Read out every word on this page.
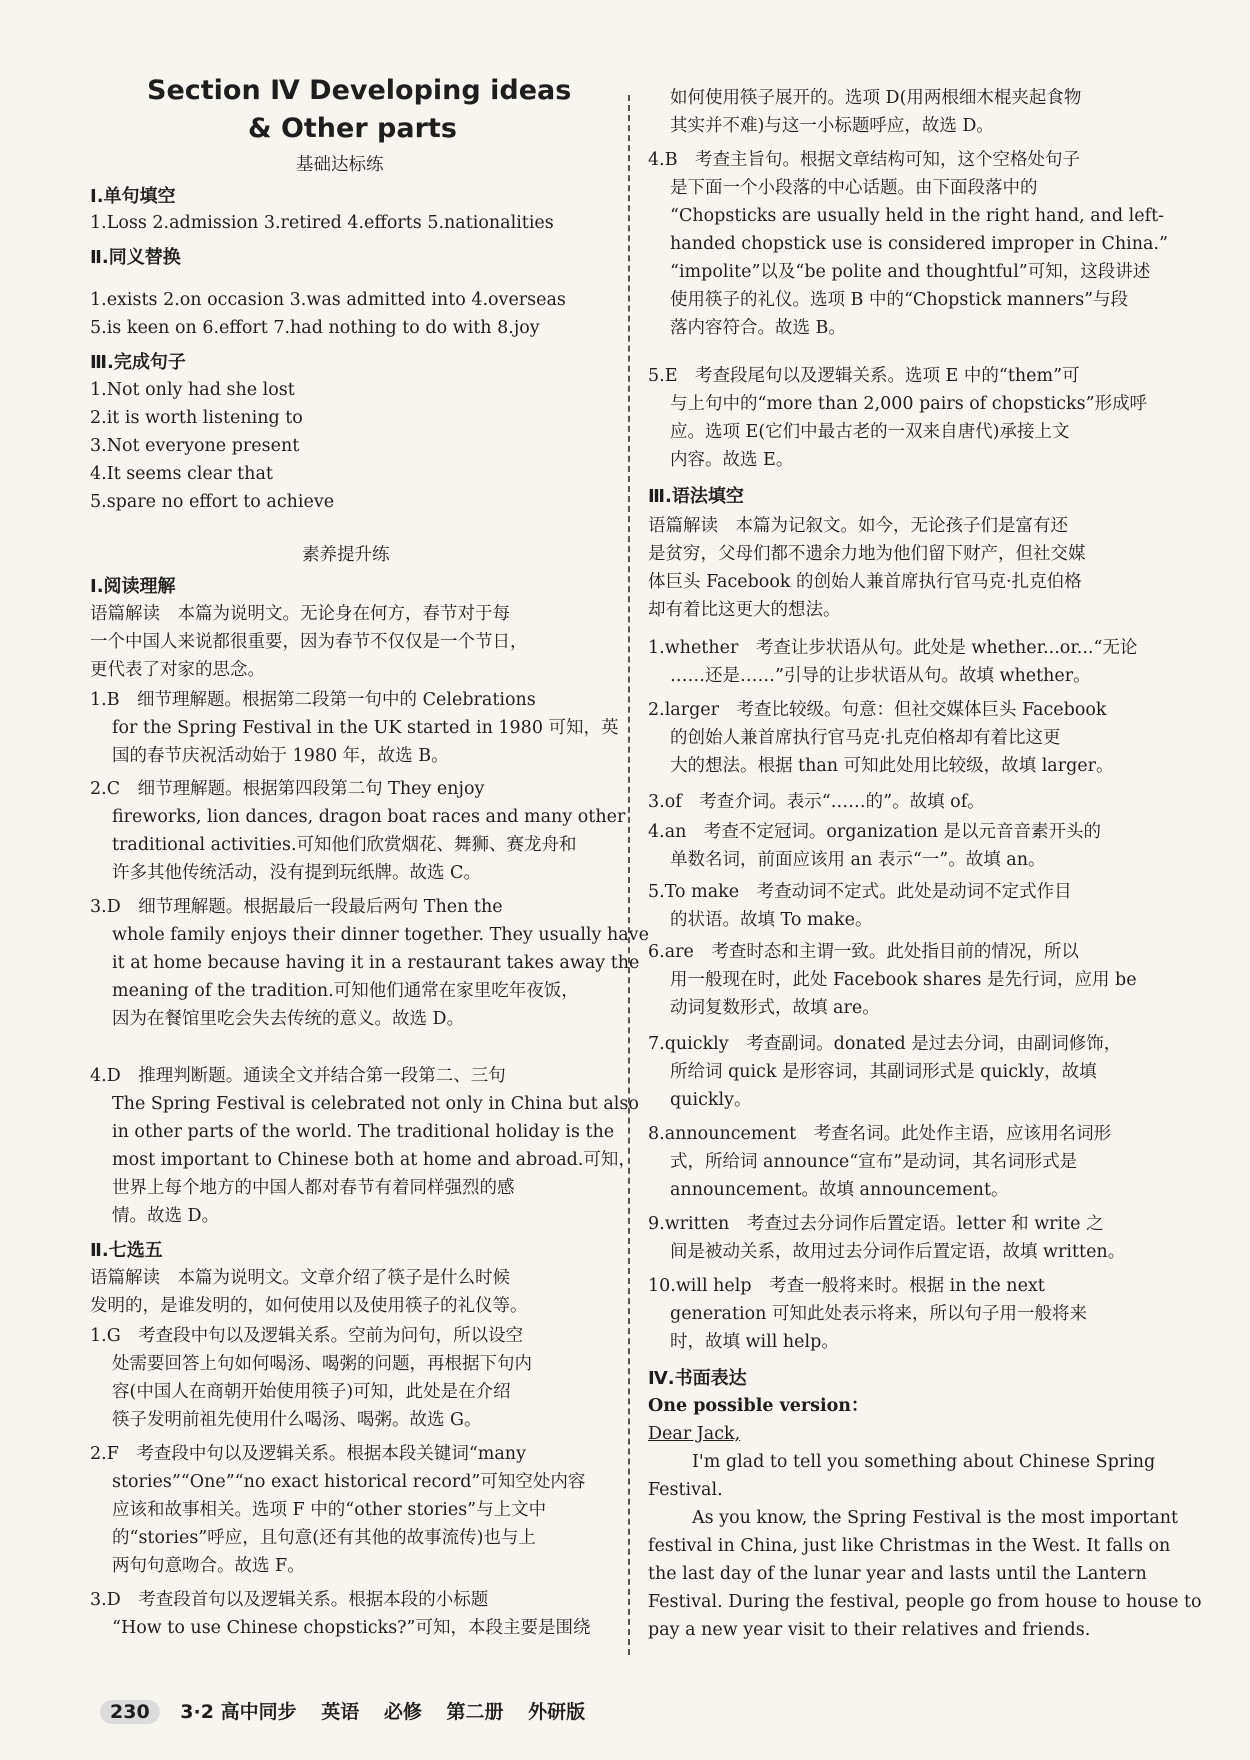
Section Ⅳ Developing ideas
& Other parts
基础达标练
Ⅰ.单句填空
1.Loss 2.admission 3.retired 4.efforts 5.nationalities
Ⅱ.同义替换
1.exists 2.on occasion 3.was admitted into 4.overseas
5.is keen on 6.effort 7.had nothing to do with 8.joy
Ⅲ.完成句子
1.Not only had she lost
2.it is worth listening to
3.Not everyone present
4.It seems clear that
5.spare no effort to achieve
素养提升练
Ⅰ.阅读理解
语篇解读　本篇为说明文。无论身在何方，春节对于每
一个中国人来说都很重要，因为春节不仅仅是一个节日，
更代表了对家的思念。
1.B　细节理解题。根据第二段第一句中的 Celebrations
for the Spring Festival in the UK started in 1980 可知，英
国的春节庆祝活动始于 1980 年，故选 B。
2.C　细节理解题。根据第四段第二句 They enjoy
fireworks, lion dances, dragon boat races and many other
traditional activities.可知他们欣赏烟花、舞狮、赛龙舟和
许多其他传统活动，没有提到玩纸牌。故选 C。
3.D　细节理解题。根据最后一段最后两句 Then the
whole family enjoys their dinner together. They usually have
it at home because having it in a restaurant takes away the
meaning of the tradition.可知他们通常在家里吃年夜饭，
因为在餐馆里吃会失去传统的意义。故选 D。
4.D　推理判断题。通读全文并结合第一段第二、三句
The Spring Festival is celebrated not only in China but also
in other parts of the world. The traditional holiday is the
most important to Chinese both at home and abroad.可知，
世界上每个地方的中国人都对春节有着同样强烈的感
情。故选 D。
Ⅱ.七选五
语篇解读　本篇为说明文。文章介绍了筷子是什么时候
发明的，是谁发明的，如何使用以及使用筷子的礼仪等。
1.G　考查段中句以及逻辑关系。空前为问句，所以设空
处需要回答上句如何喝汤、喝粥的问题，再根据下句内
容(中国人在商朝开始使用筷子)可知，此处是在介绍
筷子发明前祖先使用什么喝汤、喝粥。故选 G。
2.F　考查段中句以及逻辑关系。根据本段关键词“many
stories”“One”“no exact historical record”可知空处内容
应该和故事相关。选项 F 中的“other stories”与上文中
的“stories”呼应，且句意(还有其他的故事流传)也与上
两句句意吻合。故选 F。
3.D　考查段首句以及逻辑关系。根据本段的小标题
“How to use Chinese chopsticks?”可知，本段主要是围绕
如何使用筷子展开的。选项 D(用两根细木棍夹起食物
其实并不难)与这一小标题呼应，故选 D。
4.B　考查主旨句。根据文章结构可知，这个空格处句子
是下面一个小段落的中心话题。由下面段落中的
“Chopsticks are usually held in the right hand, and left-
handed chopstick use is considered improper in China.”
“impolite”以及“be polite and thoughtful”可知，这段讲述
使用筷子的礼仪。选项 B 中的“Chopstick manners”与段
落内容符合。故选 B。
5.E　考查段尾句以及逻辑关系。选项 E 中的“them”可
与上句中的“more than 2,000 pairs of chopsticks”形成呼
应。选项 E(它们中最古老的一双来自唐代)承接上文
内容。故选 E。
Ⅲ.语法填空
语篇解读　本篇为记叙文。如今，无论孩子们是富有还
是贫穷，父母们都不遗余力地为他们留下财产，但社交媒
体巨头 Facebook 的创始人兼首席执行官马克·扎克伯格
却有着比这更大的想法。
1.whether　考查让步状语从句。此处是 whether...or...“无论
……还是……”引导的让步状语从句。故填 whether。
2.larger　考查比较级。句意：但社交媒体巨头 Facebook
的创始人兼首席执行官马克·扎克伯格却有着比这更
大的想法。根据 than 可知此处用比较级，故填 larger。
3.of　考查介词。表示“……的”。故填 of。
4.an　考查不定冠词。organization 是以元音音素开头的
单数名词，前面应该用 an 表示“一”。故填 an。
5.To make　考查动词不定式。此处是动词不定式作目
的状语。故填 To make。
6.are　考查时态和主谓一致。此处指目前的情况，所以
用一般现在时，此处 Facebook shares 是先行词，应用 be
动词复数形式，故填 are。
7.quickly　考查副词。donated 是过去分词，由副词修饰，
所给词 quick 是形容词，其副词形式是 quickly，故填
quickly。
8.announcement　考查名词。此处作主语，应该用名词形
式，所给词 announce“宣布”是动词，其名词形式是
announcement。故填 announcement。
9.written　考查过去分词作后置定语。letter 和 write 之
间是被动关系，故用过去分词作后置定语，故填 written。
10.will help　考查一般将来时。根据 in the next
generation 可知此处表示将来，所以句子用一般将来
时，故填 will help。
Ⅳ.书面表达
One possible version：
Dear Jack,
I'm glad to tell you something about Chinese Spring
Festival.
As you know, the Spring Festival is the most important
festival in China, just like Christmas in the West. It falls on
the last day of the lunar year and lasts until the Lantern
Festival. During the festival, people go from house to house to
pay a new year visit to their relatives and friends.
230 3·2 高中同步 英语 必修 第二册 外研版
